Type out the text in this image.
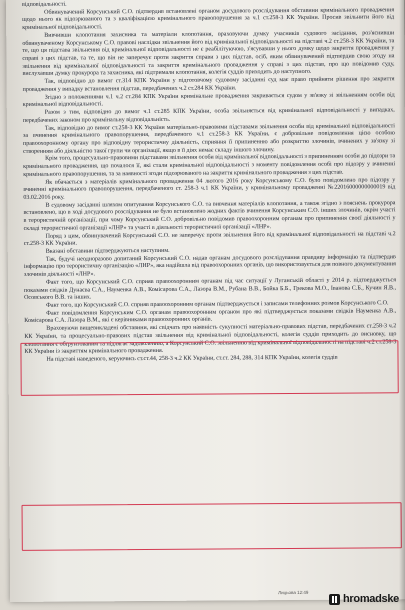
відповідальності.

Обвинувачений Корсунський С.О. підтвердив встановлені органом досудового розслідування обставини кримінального провадження щодо нього як підозрюваного та з кваліфікацією кримінального правопорушення за ч.1 ст.258-3 КК України. Просив звільнити його від кримінальної відповідальності.

Вивчивши клопотання захисника та матеріали клопотання, враховуючи думку учасників судового засідання, роз'яснивши обвинуваченому Корсунському С.О. правові наслідки звільнення його від кримінальної відповідальності на підставі ч.2 ст.258-3 КК України, та те, що ця підстава звільнення від кримінальної відповідальності не є реабілітуючою, з'ясувавши у нього думку щодо закриття провадження у справі з цих підстав, та те, що він не заперечує проти закриття справи з цих підстав, осiб, яким обвинувачений підтвердив свою згоду на звільнення від кримінальної відповідальності та закриття кримінального провадження у справі з цих підстав, про що повідомив суду, вислухавши думку прокурора та захисника, які підтримали клопотання, колегія суддів приходить до наступного.

Так, відповідно до вимог ст.314 КПК України у підготовчому судовому засіданні суд має право прийняти рішення про закриття провадження у випадку встановлення підстав, передбачених ч.2 ст.284 КК України.

Згідно з положеннями ч.1 ч.2 ст.284 КПК України кримінальне провадження закривається судом у зв'язку зі звільненням особи від кримінальної відповідальності.

Разом з тим, відповідно до вимог ч.1 ст.285 КПК України, особа звільняється від кримінальної відповідальності у випадках, передбачених законом про кримінальну відповідальність.

Так, відповідно до вимог ст.258-3 КК України матеріально-правовими підставами звільнення особи від кримінальної відповідальності за вчинення кримінального правопорушення, передбаченого ч.1 ст.258-3 КК України, є добровільне повідомлення цією особою правоохоронному органу про відповідну терористичну діяльність, сприяння її припиненню або розкриттю злочинів, вчинених у зв'язку зі створенням або діяльністю такої групи чи організації, якщо в її діях немає складу іншого злочину.

Крім того, процесуально-правовими підставами звільнення особи від кримінальної відповідальності з припиненням особи до підозри та кримінального провадження, що почалося її, які стали кримінальної відповідальності з моменту повідомлення особі про підозру у вчиненні кримінального правопорушення, та за наявності згоди підозрюваного на закриття кримінального провадження з цих підстав.

Як вбачається з матеріалів кримінального провадження 04 лютого 2016 року Корсунському С.О. було повідомлено про підозру у вчиненні кримінального правопорушення, передбаченого ст. 258-3 ч.1 КК України, у кримінальному провадженні №22016000000000019 від 03.02.2016 року.

В судовому засіданні шляхом опитування Корсунського С.О. та вивчення матеріалів клопотання, а також згідно з пояснень прокурора встановлено, що в ході досудового розслідування не було встановлено жодних фактів вчинення Корсунським С.О. інших злочинів, окрім участі в терористичній організації, при чому Корсунський С.О. добровільно повідомив правоохоронним органам про припинення своєї діяльності у складі терористичної організації «ЛНР» та участі в діяльності терористичної організації «ЛНР».

Поряд з цим, обвинувачений Корсунський С.О. не заперечує проти звільнення його від кримінальної відповідальності на підставі ч.2 ст.258-3 КК України.

Вказані обставини підтверджуються наступним.

Так, будучі неодноразово допитаний Корсунський С.О. надав органам досудового розслідування правдиву інформацію та підтвердив інформацію про терористичну організацію «ЛНР», яка надійшла від правоохоронних органів, що використовується для повного документування злочинів діяльності «ЛНР».

Факт того, що Корсунський С.О. сприяв правоохоронним органам під час ситуації у Луганській області у 2014 р. підтверджується показами свідків Дунаєва С.А., Науменка А.В., Комісарова С.А., Лазора В.М., Рубана В.В., Бойка Б.Б., Грекова М.О., Іванова С.Б., Кучин Я.В., Осовського В.В. та інших.

Факт того, що Корсунський С.О. сприяв правоохоронним органам підтверджується і записами телефонних розмов Корсунського С.О.

Факт повідомлення Корсунським С.О. органам правоохоронним органом про які підтверджується показами свідків Науменка А.В., Комісарова С.А. Лазора В.М., які є керівниками правоохоронних органів.

Враховуючи вищевикладені обставини, які свідчать про наявність сукупності матеріально-правових підстав, передбачених ст.258-3 ч.2 КК України, та процесуально-правових підстав звільнення від кримінальної відповідальності, колегія суддів приходить до висновку, що клопотання є обґрунтованим та підлягає задоволенню, а Корсунський С.О. звільненню від кримінальної відповідальності на підставі ч.2 ст.258-3 КК України із закриттям кримінального провадження.

На підставі наведеного, керуючись ст.ст.44, 258-3 ч.2 КК України, ст.ст. 284, 288, 314 КПК України, колегія суддів

Лицьова 12:49
hromadske
